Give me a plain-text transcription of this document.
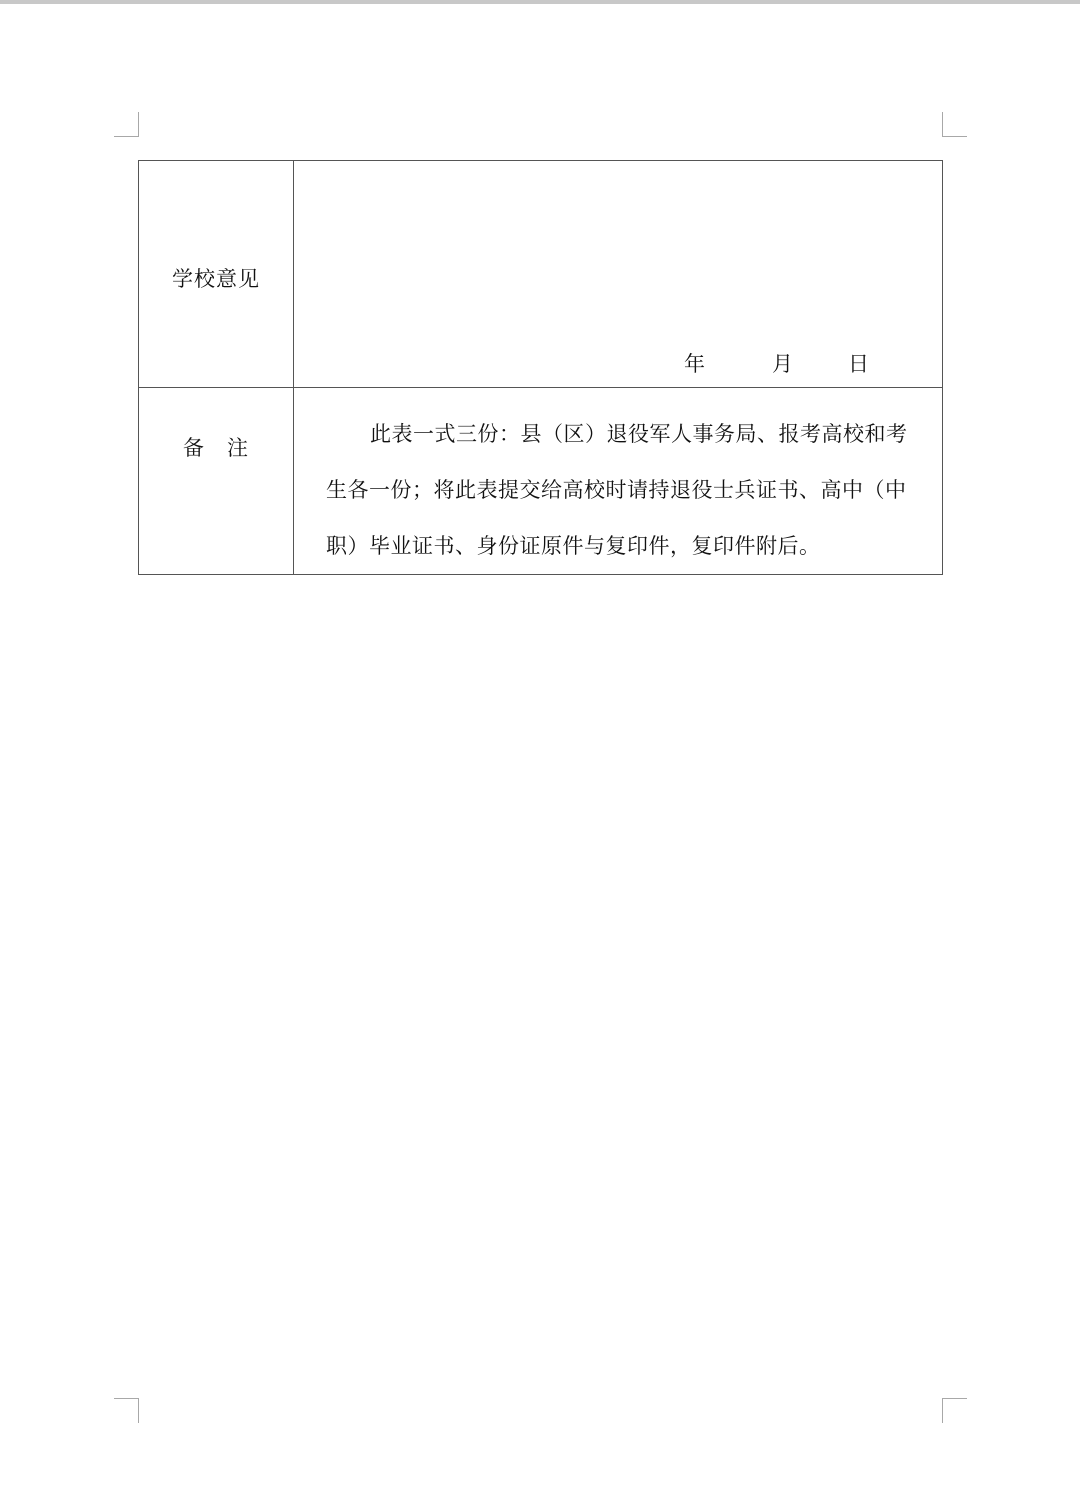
学校意见	年 月 日

备　注	此表一式三份：县（区）退役军人事务局、报考高校和考生各一份；将此表提交给高校时请持退役士兵证书、高中（中职）毕业证书、身份证原件与复印件，复印件附后。
